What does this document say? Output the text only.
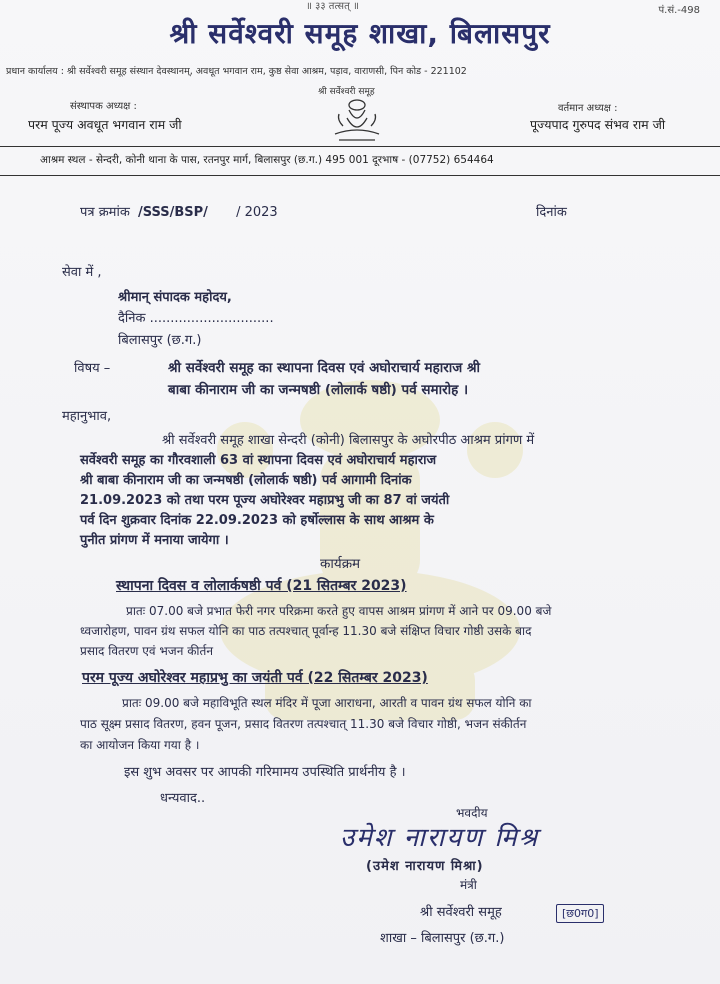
॥ ३३ तत्सत् ॥	पं.सं.-498
श्री सर्वेश्वरी समूह शाखा, बिलासपुर
प्रधान कार्यालय : श्री सर्वेश्वरी समूह संस्थान देवस्थानम्, अवधूत भगवान राम, कुष्ठ सेवा आश्रम, पड़ाव, वाराणसी, पिन कोड - 221102
श्री सर्वेश्वरी समूह
संस्थापक अध्यक्ष :
परम पूज्य अवधूत भगवान राम जी
वर्तमान अध्यक्ष :
पूज्यपाद गुरुपद संभव राम जी
आश्रम स्थल - सेन्दरी, कोनी थाना के पास, रतनपुर मार्ग, बिलासपुर (छ.ग.) 495 001 दूरभाष - (07752) 654464
पत्र क्रमांक /SSS/BSP/ / 2023	दिनांक
सेवा में ,
श्रीमान् संपादक महोदय,
दैनिक ..............................
बिलासपुर (छ.ग.)
विषय –	श्री सर्वेश्वरी समूह का स्थापना दिवस एवं अघोराचार्य महाराज श्री
बाबा कीनाराम जी का जन्मषष्ठी (लोलार्क षष्ठी) पर्व समारोह ।
महानुभाव,
श्री सर्वेश्वरी समूह शाखा सेन्दरी (कोनी) बिलासपुर के अघोरपीठ आश्रम प्रांगण में
सर्वेश्वरी समूह का गौरवशाली 63 वां स्थापना दिवस एवं अघोराचार्य महाराज
श्री बाबा कीनाराम जी का जन्मषष्ठी (लोलार्क षष्ठी) पर्व आगामी दिनांक
21.09.2023 को तथा परम पूज्य अघोरेश्वर महाप्रभु जी का 87 वां जयंती
पर्व दिन शुक्रवार दिनांक 22.09.2023 को हर्षोल्लास के साथ आश्रम के
पुनीत प्रांगण में मनाया जायेगा ।
कार्यक्रम
स्थापना दिवस व लोलार्कषष्ठी पर्व (21 सितम्बर 2023)
प्रातः 07.00 बजे प्रभात फेरी नगर परिक्रमा करते हुए वापस आश्रम प्रांगण में आने पर 09.00 बजे
ध्वजारोहण, पावन ग्रंथ सफल योनि का पाठ तत्पश्चात् पूर्वान्ह 11.30 बजे संक्षिप्त विचार गोष्ठी उसके बाद
प्रसाद वितरण एवं भजन कीर्तन
परम पूज्य अघोरेश्वर महाप्रभु का जयंती पर्व (22 सितम्बर 2023)
प्रातः 09.00 बजे महाविभूति स्थल मंदिर में पूजा आराधना, आरती व पावन ग्रंथ सफल योनि का
पाठ सूक्ष्म प्रसाद वितरण, हवन पूजन, प्रसाद वितरण तत्पश्चात् 11.30 बजे विचार गोष्ठी, भजन संकीर्तन
का आयोजन किया गया है ।
इस शुभ अवसर पर आपकी गरिमामय उपस्थिति प्रार्थनीय है ।
धन्यवाद..
भवदीय
उमेश नारायण मिश्र
(उमेश नारायण मिश्रा)
मंत्री
श्री सर्वेश्वरी समूह	[छ0ग0]
शाखा – बिलासपुर (छ.ग.)
